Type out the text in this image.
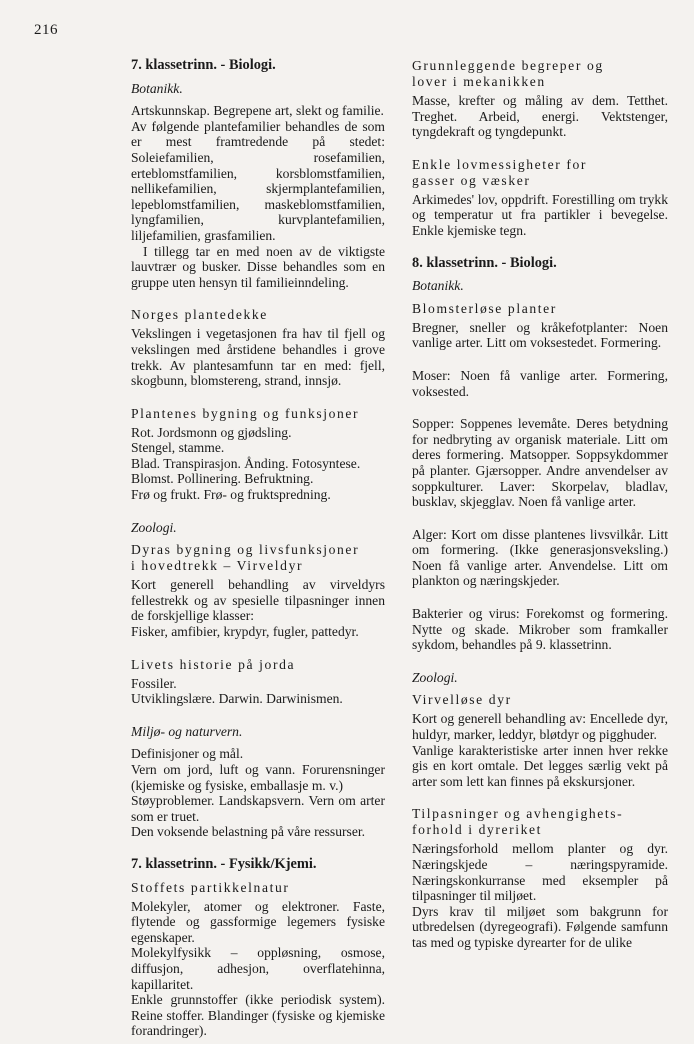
216
7. klassetrinn. - Biologi.
Botanikk.

Artskunnskap. Begrepene art, slekt og familie.

Av følgende plantefamilier behandles de som er mest framtredende på stedet: Soleiefamilien, rosefamilien, erteblomstfamilien, korsblomstfamilien, nellikefamilien, skjermplantefamilien, lepeblomstfamilien, maskeblomstfamilien, lyngfamilien, kurvplantefamilien, liljefamilien, grasfamilien.

I tillegg tar en med noen av de viktigste lauvtrær og busker. Disse behandles som en gruppe uten hensyn til familieinndeling.

Norges plantedekke

Vekslingen i vegetasjonen fra hav til fjell og vekslingen med årstidene behandles i grove trekk. Av plantesamfunn tar en med: fjell, skogbunn, blomstereng, strand, innsjø.

Plantenes bygning og funksjoner
Rot. Jordsmonn og gjødsling.
Stengel, stamme.
Blad. Transpirasjon. Ånding. Fotosyntese.
Blomst. Pollinering. Befruktning.
Frø og frukt. Frø- og fruktspredning.
Zoologi.
Dyras bygning og livsfunksjoner
i hovedtrekk – Virveldyr

Kort generell behandling av virveldyrs fellestrekk og av spesielle tilpasninger innen de forskjellige klasser:

Fisker, amfibier, krypdyr, fugler, pattedyr.

Livets historie på jorda
Fossiler.
Utviklingslære. Darwin. Darwinismen.
Miljø- og naturvern.
Definisjoner og mål.

Vern om jord, luft og vann. Forurensninger (kjemiske og fysiske, emballasje m. v.)

Støyproblemer. Landskapsvern. Vern om arter som er truet.

Den voksende belastning på våre ressurser.

7. klassetrinn. - Fysikk/Kjemi.
Stoffets partikkelnatur

Molekyler, atomer og elektroner. Faste, flytende og gassformige legemers fysiske egenskaper.

Molekylfysikk – oppløsning, osmose, diffusjon, adhesjon, overflatehinna, kapillaritet.

Enkle grunnstoffer (ikke periodisk system). Reine stoffer. Blandinger (fysiske og kjemiske forandringer).

Grunnleggende begreper og
lover i mekanikken

Masse, krefter og måling av dem. Tetthet. Treghet. Arbeid, energi. Vektstenger, tyngdekraft og tyngdepunkt.

Enkle lovmessigheter for
gasser og væsker

Arkimedes' lov, oppdrift. Forestilling om trykk og temperatur ut fra partikler i bevegelse. Enkle kjemiske tegn.

8. klassetrinn. - Biologi.
Botanikk.
Blomsterløse planter

Bregner, sneller og kråkefotplanter: Noen vanlige arter. Litt om voksestedet. Formering.

Moser: Noen få vanlige arter. Formering, voksested.

Sopper: Soppenes levemåte. Deres betydning for nedbryting av organisk materiale. Litt om deres formering. Matsopper. Soppsykdommer på planter. Gjærsopper. Andre anvendelser av soppkulturer. Laver: Skorpelav, bladlav, busklav, skjegglav. Noen få vanlige arter.

Alger: Kort om disse plantenes livsvilkår. Litt om formering. (Ikke generasjonsveksling.) Noen få vanlige arter. Anvendelse. Litt om plankton og næringskjeder.

Bakterier og virus: Forekomst og formering. Nytte og skade. Mikrober som framkaller sykdom, behandles på 9. klassetrinn.

Zoologi.
Virvelløse dyr

Kort og generell behandling av: Encellede dyr, huldyr, marker, leddyr, bløtdyr og pigghuder.

Vanlige karakteristiske arter innen hver rekke gis en kort omtale. Det legges særlig vekt på arter som lett kan finnes på ekskursjoner.

Tilpasninger og avhengighets-
forhold i dyreriket

Næringsforhold mellom planter og dyr. Næringskjede – næringspyramide. Næringskonkurranse med eksempler på tilpasninger til miljøet.

Dyrs krav til miljøet som bakgrunn for utbredelsen (dyregeografi). Følgende samfunn tas med og typiske dyrearter for de ulike
